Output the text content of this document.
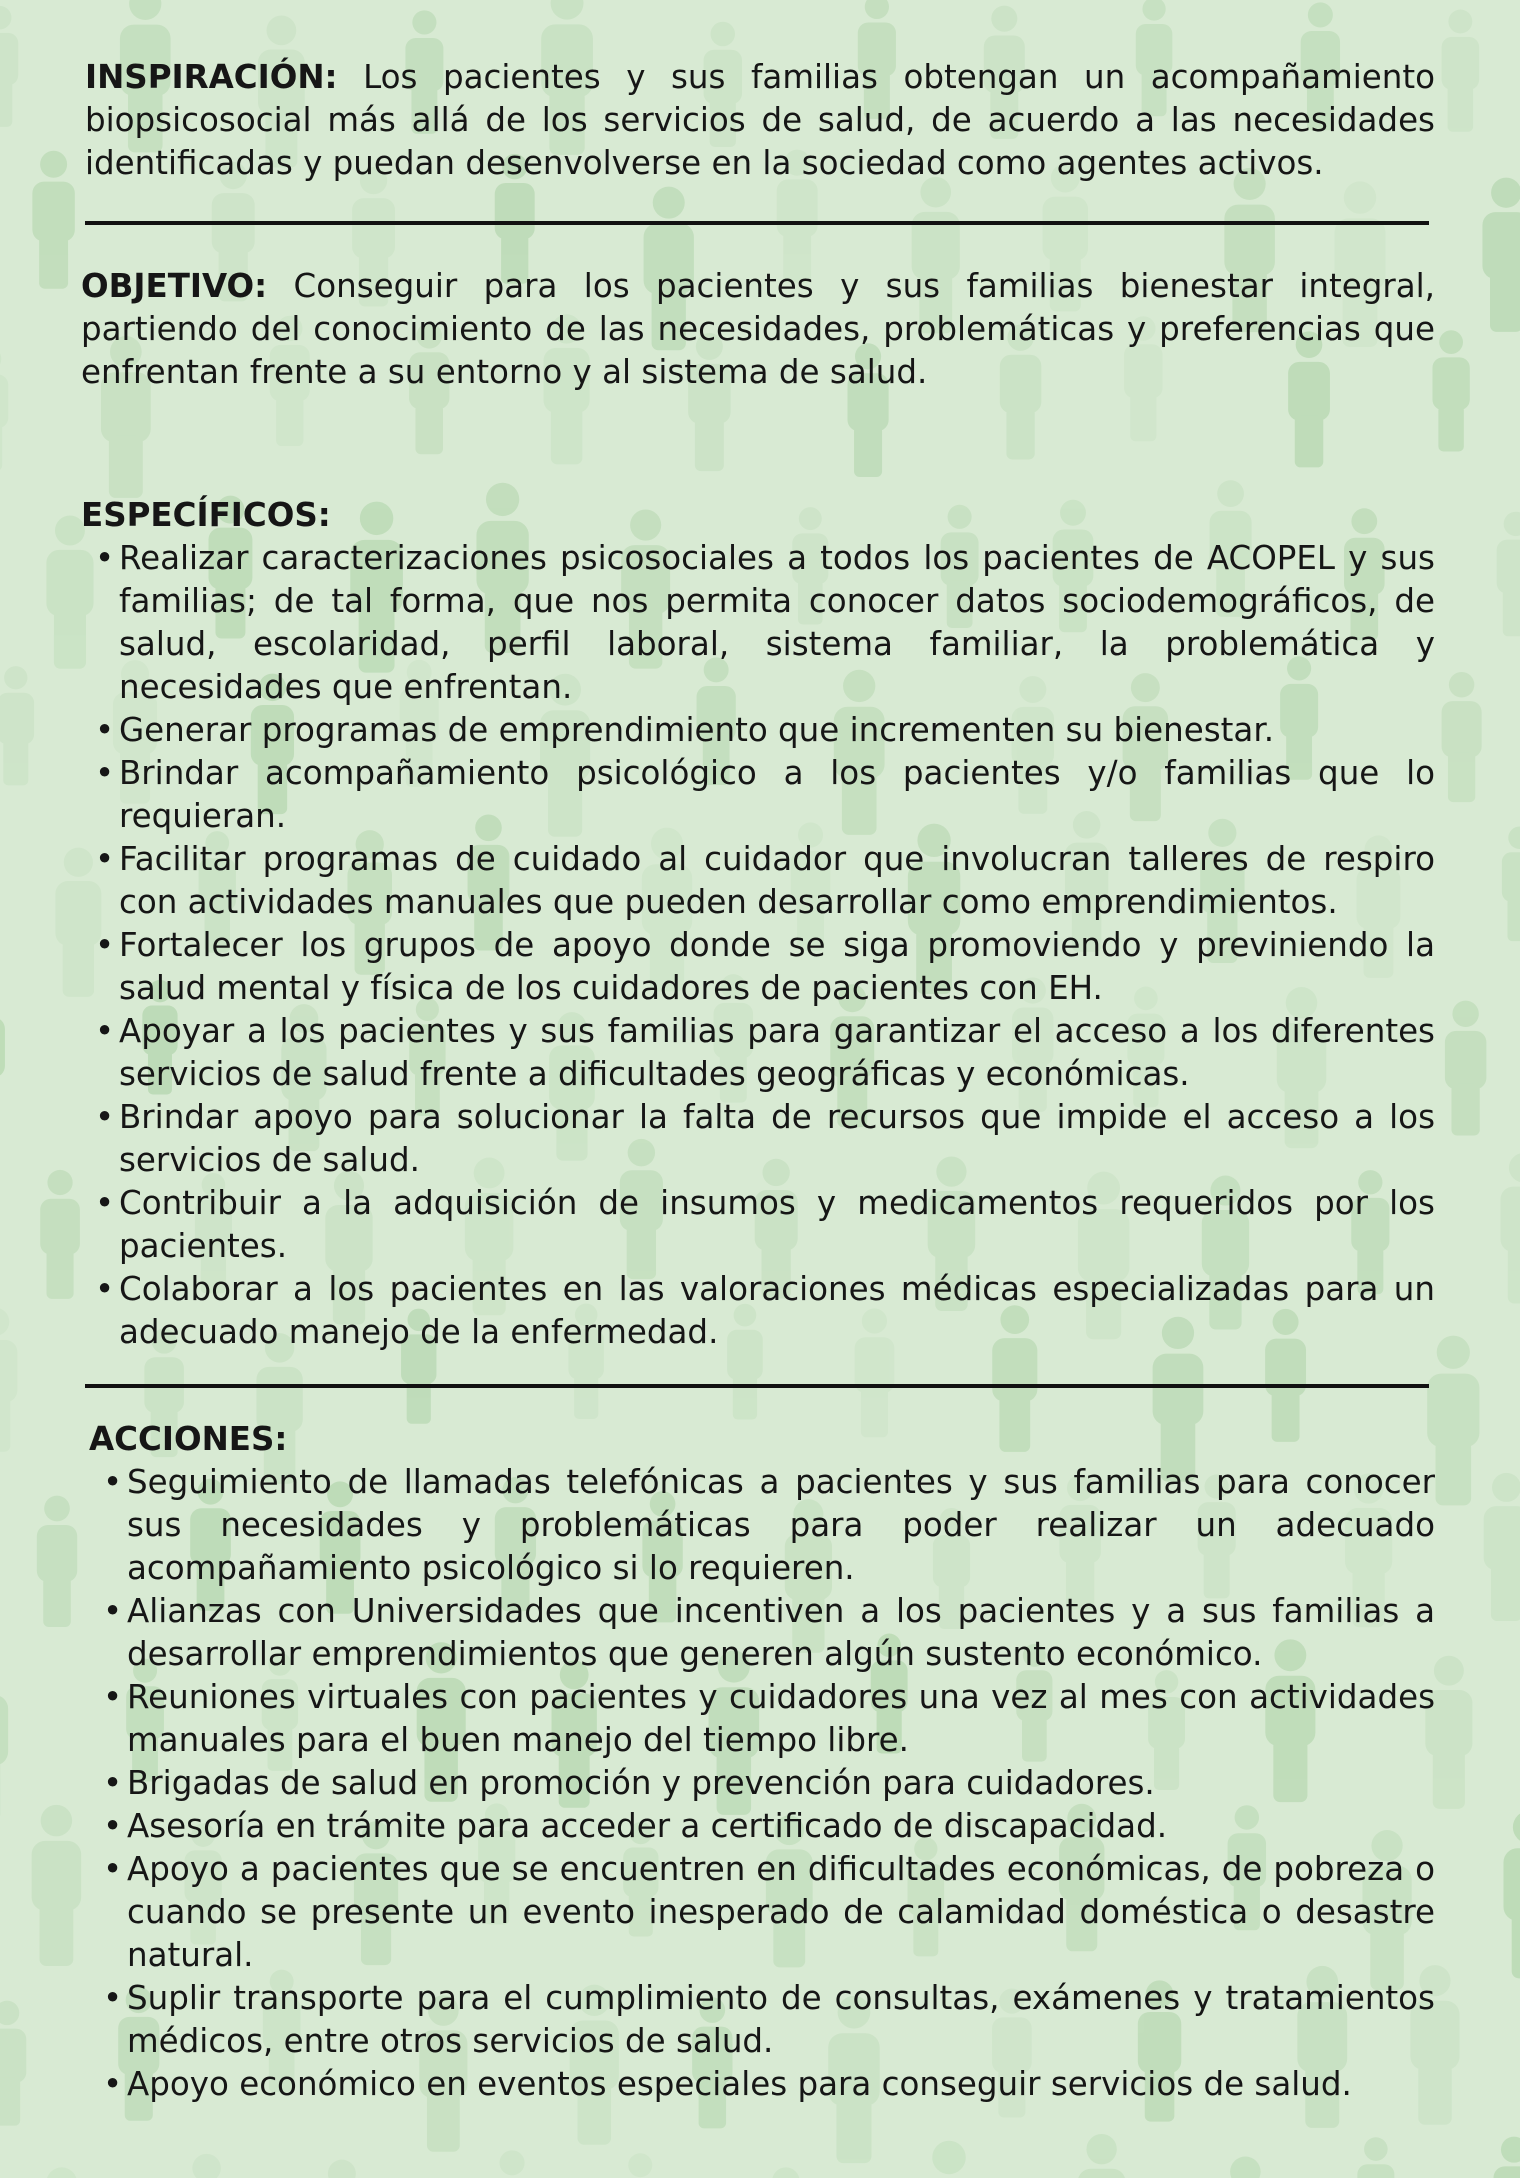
INSPIRACIÓN: Los pacientes y sus familias obtengan un acompañamiento biopsicosocial más allá de los servicios de salud, de acuerdo a las necesidades identificadas y puedan desenvolverse en la sociedad como agentes activos.
OBJETIVO: Conseguir para los pacientes y sus familias bienestar integral, partiendo del conocimiento de las necesidades, problemáticas y preferencias que enfrentan frente a su entorno y al sistema de salud.
ESPECÍFICOS:
• Realizar caracterizaciones psicosociales a todos los pacientes de ACOPEL y sus familias; de tal forma, que nos permita conocer datos sociodemográficos, de salud, escolaridad, perfil laboral, sistema familiar, la problemática y necesidades que enfrentan.
• Generar programas de emprendimiento que incrementen su bienestar.
• Brindar acompañamiento psicológico a los pacientes y/o familias que lo requieran.
• Facilitar programas de cuidado al cuidador que involucran talleres de respiro con actividades manuales que pueden desarrollar como emprendimientos.
• Fortalecer los grupos de apoyo donde se siga promoviendo y previniendo la salud mental y física de los cuidadores de pacientes con EH.
• Apoyar a los pacientes y sus familias para garantizar el acceso a los diferentes servicios de salud frente a dificultades geográficas y económicas.
• Brindar apoyo para solucionar la falta de recursos que impide el acceso a los servicios de salud.
• Contribuir a la adquisición de insumos y medicamentos requeridos por los pacientes.
• Colaborar a los pacientes en las valoraciones médicas especializadas para un adecuado manejo de la enfermedad.
ACCIONES:
• Seguimiento de llamadas telefónicas a pacientes y sus familias para conocer sus necesidades y problemáticas para poder realizar un adecuado acompañamiento psicológico si lo requieren.
• Alianzas con Universidades que incentiven a los pacientes y a sus familias a desarrollar emprendimientos que generen algún sustento económico.
• Reuniones virtuales con pacientes y cuidadores una vez al mes con actividades manuales para el buen manejo del tiempo libre.
• Brigadas de salud en promoción y prevención para cuidadores.
• Asesoría en trámite para acceder a certificado de discapacidad.
• Apoyo a pacientes que se encuentren en dificultades económicas, de pobreza o cuando se presente un evento inesperado de calamidad doméstica o desastre natural.
• Suplir transporte para el cumplimiento de consultas, exámenes y tratamientos médicos, entre otros servicios de salud.
• Apoyo económico en eventos especiales para conseguir servicios de salud.
